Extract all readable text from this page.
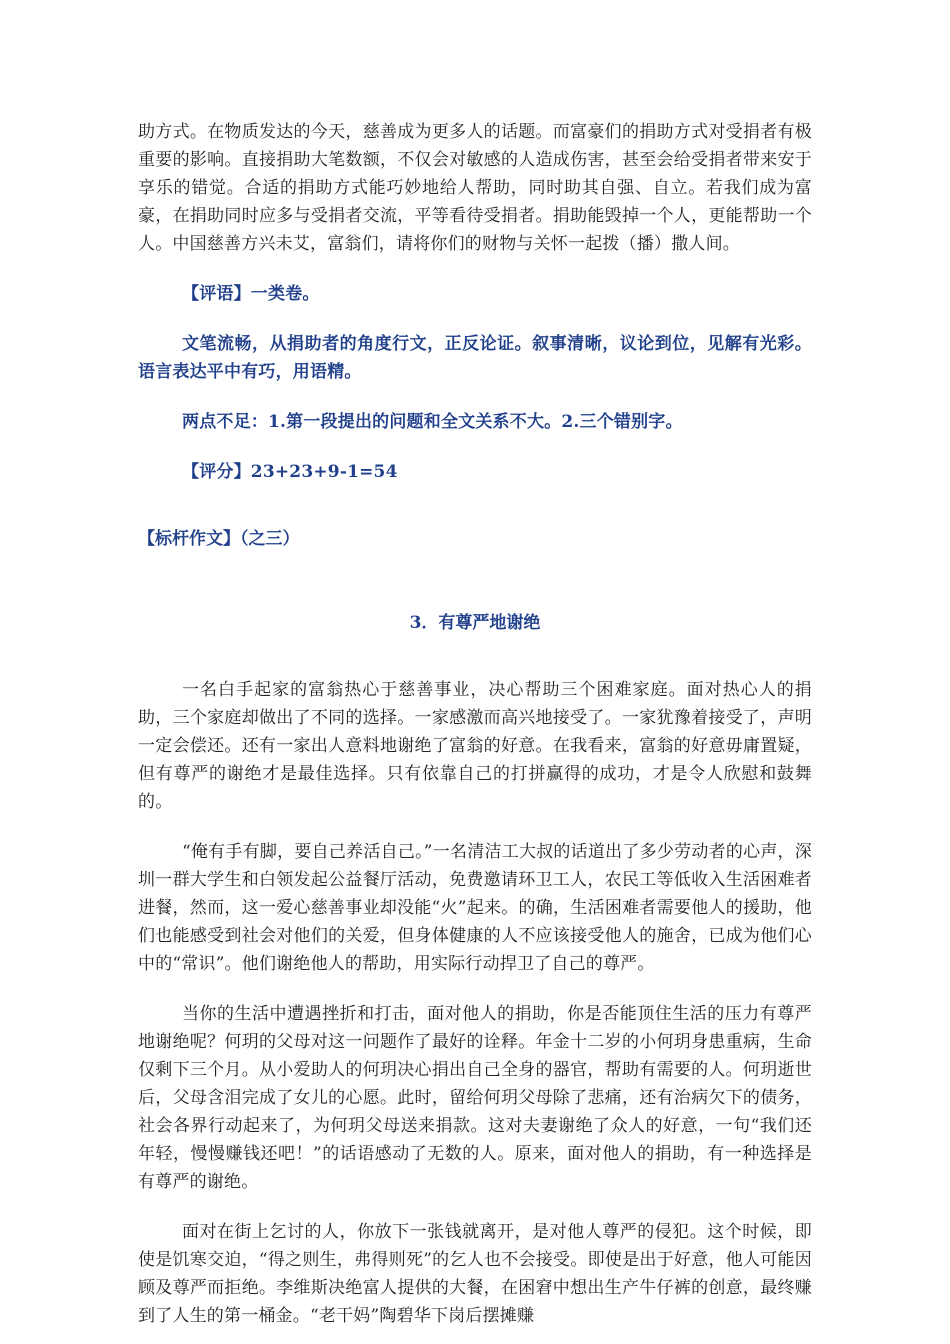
助方式。在物质发达的今天，慈善成为更多人的话题。而富豪们的捐助方式对受捐者有极重要的影响。直接捐助大笔数额，不仅会对敏感的人造成伤害，甚至会给受捐者带来安于享乐的错觉。合适的捐助方式能巧妙地给人帮助，同时助其自强、自立。若我们成为富豪，在捐助同时应多与受捐者交流，平等看待受捐者。捐助能毁掉一个人，更能帮助一个人。中国慈善方兴未艾，富翁们，请将你们的财物与关怀一起拨（播）撒人间。

【评语】一类卷。

文笔流畅，从捐助者的角度行文，正反论证。叙事清晰，议论到位，见解有光彩。语言表达平中有巧，用语精。

两点不足：1.第一段提出的问题和全文关系不大。2.三个错别字。

【评分】23+23+9-1=54

【标杆作文】（之三）

3．有尊严地谢绝

一名白手起家的富翁热心于慈善事业，决心帮助三个困难家庭。面对热心人的捐助，三个家庭却做出了不同的选择。一家感激而高兴地接受了。一家犹豫着接受了，声明一定会偿还。还有一家出人意料地谢绝了富翁的好意。在我看来，富翁的好意毋庸置疑，但有尊严的谢绝才是最佳选择。只有依靠自己的打拼赢得的成功，才是令人欣慰和鼓舞的。

“俺有手有脚，要自己养活自己。”一名清洁工大叔的话道出了多少劳动者的心声，深圳一群大学生和白领发起公益餐厅活动，免费邀请环卫工人，农民工等低收入生活困难者进餐，然而，这一爱心慈善事业却没能“火”起来。的确，生活困难者需要他人的援助，他们也能感受到社会对他们的关爱，但身体健康的人不应该接受他人的施舍，已成为他们心中的“常识”。他们谢绝他人的帮助，用实际行动捍卫了自己的尊严。

当你的生活中遭遇挫折和打击，面对他人的捐助，你是否能顶住生活的压力有尊严地谢绝呢？何玥的父母对这一问题作了最好的诠释。年金十二岁的小何玥身患重病，生命仅剩下三个月。从小爱助人的何玥决心捐出自己全身的器官，帮助有需要的人。何玥逝世后，父母含泪完成了女儿的心愿。此时，留给何玥父母除了悲痛，还有治病欠下的债务，社会各界行动起来了，为何玥父母送来捐款。这对夫妻谢绝了众人的好意，一句“我们还年轻，慢慢赚钱还吧！”的话语感动了无数的人。原来，面对他人的捐助，有一种选择是有尊严的谢绝。

面对在街上乞讨的人，你放下一张钱就离开，是对他人尊严的侵犯。这个时候，即使是饥寒交迫，“得之则生，弗得则死”的乞人也不会接受。即使是出于好意，他人可能因顾及尊严而拒绝。李维斯决绝富人提供的大餐，在困窘中想出生产牛仔裤的创意，最终赚到了人生的第一桶金。“老干妈”陶碧华下岗后摆摊赚
